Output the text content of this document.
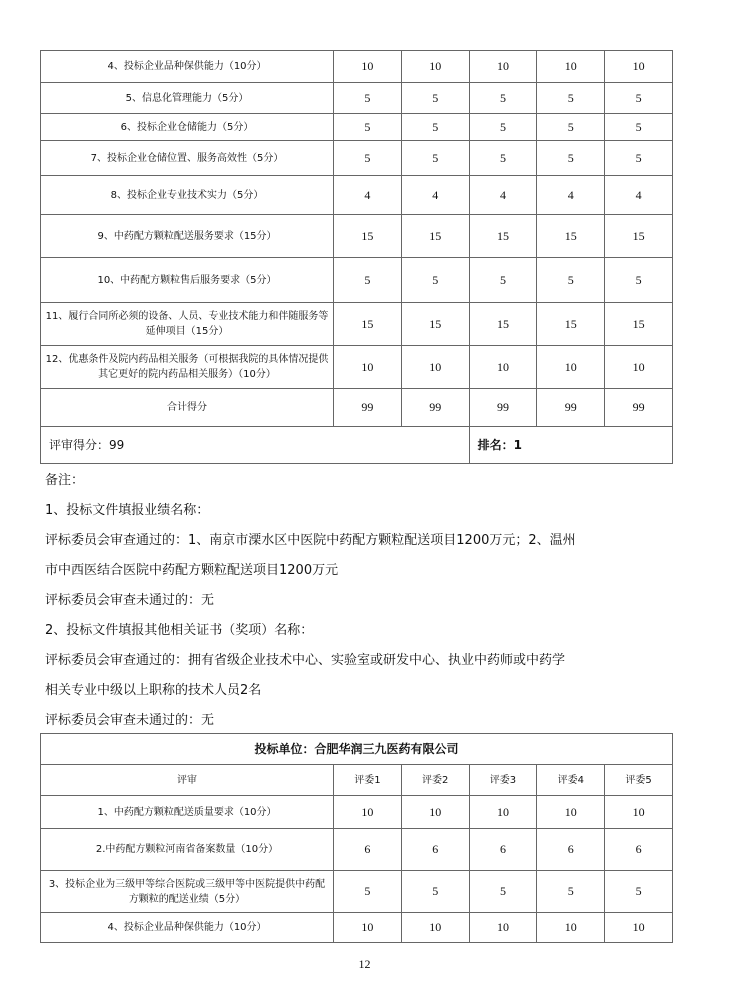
4、投标企业品种保供能力（10分）	10	10	10	10	10
5、信息化管理能力（5分）	5	5	5	5	5
6、投标企业仓储能力（5分）	5	5	5	5	5
7、投标企业仓储位置、服务高效性（5分）	5	5	5	5	5
8、投标企业专业技术实力（5分）	4	4	4	4	4
9、中药配方颗粒配送服务要求（15分）	15	15	15	15	15
10、中药配方颗粒售后服务要求（5分）	5	5	5	5	5
11、履行合同所必须的设备、人员、专业技术能力和伴随服务等延伸项目（15分）	15	15	15	15	15
12、优惠条件及院内药品相关服务（可根据我院的具体情况提供其它更好的院内药品相关服务）（10分）	10	10	10	10	10
合计得分	99	99	99	99	99
评审得分：99			排名：1		
备注：
1、投标文件填报业绩名称：
评标委员会审查通过的：1、南京市溧水区中医院中药配方颗粒配送项目1200万元；2、温州
市中西医结合医院中药配方颗粒配送项目1200万元
评标委员会审查未通过的：无
2、投标文件填报其他相关证书（奖项）名称：
评标委员会审查通过的：拥有省级企业技术中心、实验室或研发中心、执业中药师或中药学
相关专业中级以上职称的技术人员2名
评标委员会审查未通过的：无
投标单位：合肥华润三九医药有限公司					
评审	评委1	评委2	评委3	评委4	评委5
1、中药配方颗粒配送质量要求（10分）	10	10	10	10	10
2.中药配方颗粒河南省备案数量（10分）	6	6	6	6	6
3、投标企业为三级甲等综合医院或三级甲等中医院提供中药配方颗粒的配送业绩（5分）	5	5	5	5	5
4、投标企业品种保供能力（10分）	10	10	10	10	10
12
